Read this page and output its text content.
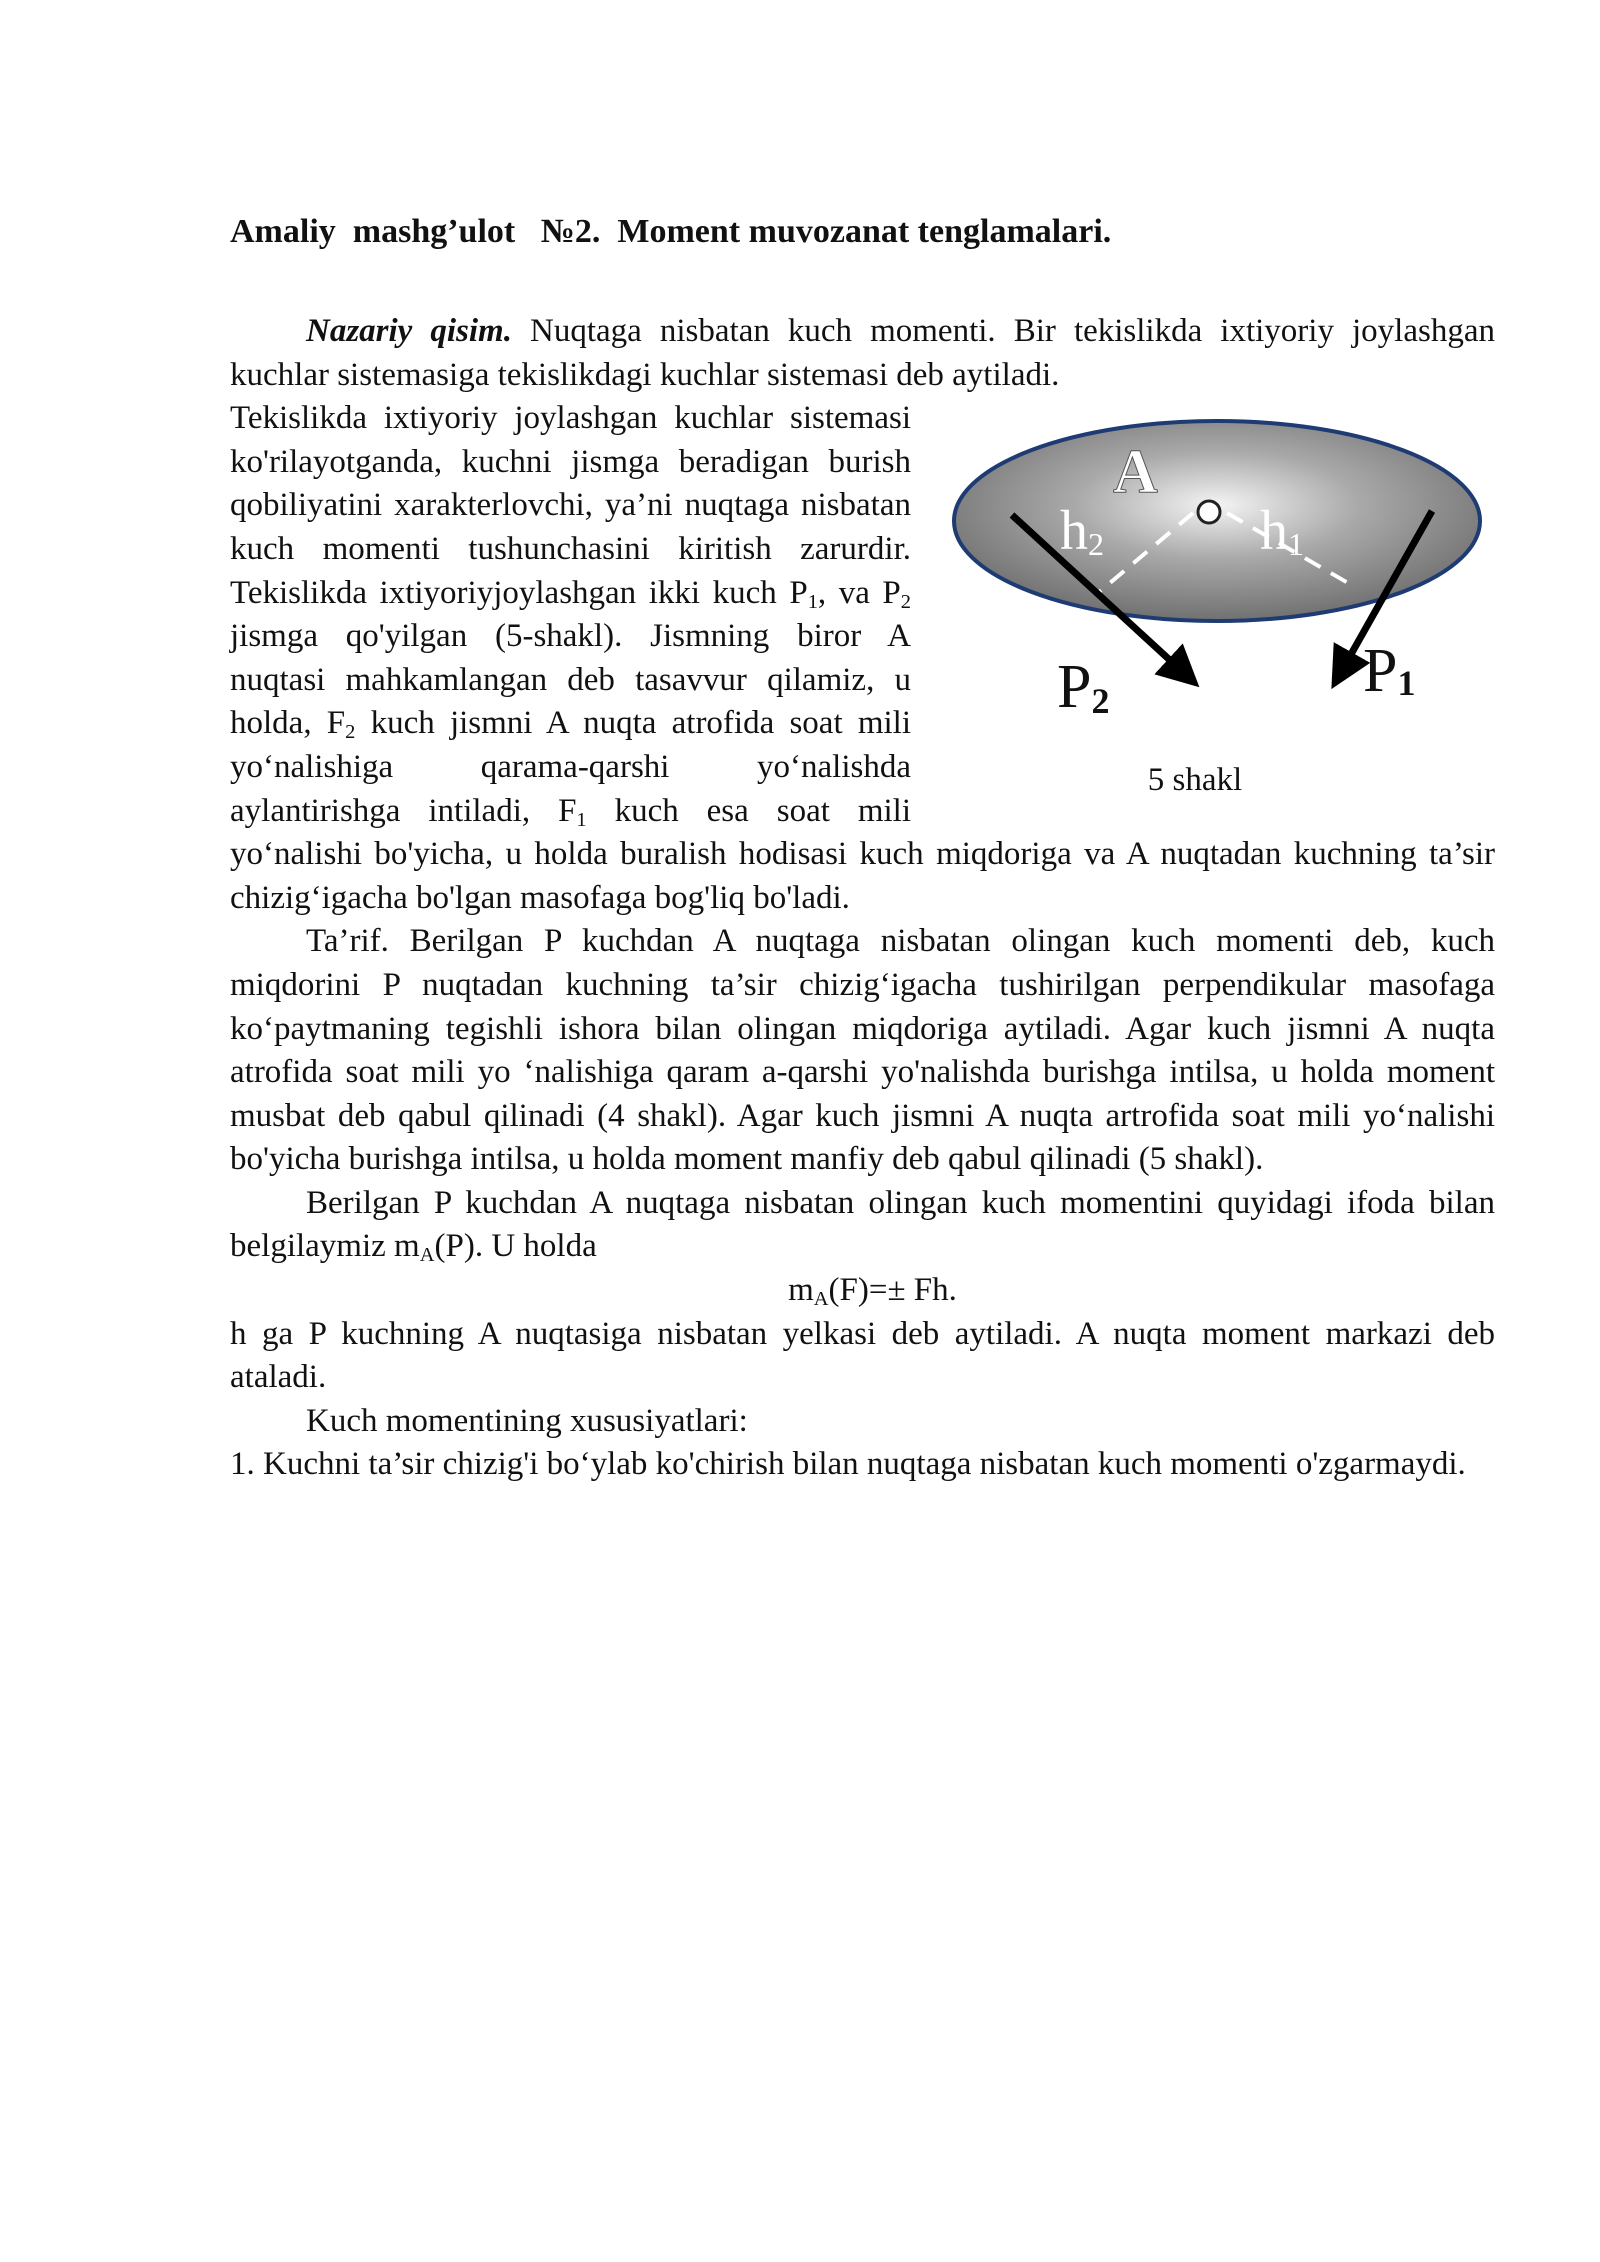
Amaliy  mashg’ulot   №2.  Moment muvozanat tenglamalari.

Nazariy qisim. Nuqtaga nisbatan kuch momenti. Bir tekislikda ixtiyoriy joylashgan kuchlar sistemasiga tekislikdagi kuchlar sistemasi deb aytiladi.

A
h2	h1
P2	P1
5 shakl

Tekislikda ixtiyoriy joylashgan kuchlar sistemasi ko'rilayotganda, kuchni jismga beradigan burish qobiliyatini xarakterlovchi, ya’ni nuqtaga nisbatan kuch momenti tushunchasini kiritish zarurdir. Tekislikda ixtiyoriyjoylashgan ikki kuch $P_1$, va $P_2$ jismga qo'yilgan (5-shakl). Jismning biror A nuqtasi mahkamlangan deb tasavvur qilamiz, u holda, $F_2$ kuch jismni A nuqta atrofida soat mili yo‘nalishiga qarama-qarshi yo‘nalishda aylantirishga intiladi, $F_1$ kuch esa soat mili yo‘nalishi bo'yicha, u holda buralish hodisasi kuch miqdoriga va A nuqtadan kuchning ta’sir chizig‘igacha bo'lgan masofaga bog'liq bo'ladi.

Ta’rif. Berilgan P kuchdan A nuqtaga nisbatan olingan kuch momenti deb, kuch miqdorini P nuqtadan kuchning ta’sir chizig‘igacha tushirilgan perpendikular masofaga ko‘paytmaning tegishli ishora bilan olingan miqdoriga aytiladi. Agar kuch jismni A nuqta atrofida soat mili yo ‘nalishiga qaram a-qarshi yo'nalishda burishga intilsa, u holda moment musbat deb qabul qilinadi (4 shakl). Agar kuch jismni A nuqta artrofida soat mili yo‘nalishi bo'yicha burishga intilsa, u holda moment manfiy deb qabul qilinadi (5 shakl).

Berilgan P kuchdan A nuqtaga nisbatan olingan kuch momentini quyidagi ifoda bilan belgilaymiz $m_A(P)$. U holda

$m_A(F)=\pm Fh$.

h ga P kuchning A nuqtasiga nisbatan yelkasi deb aytiladi. A nuqta moment markazi deb ataladi.

Kuch momentining xususiyatlari:

1. Kuchni ta’sir chizig'i bo‘ylab ko'chirish bilan nuqtaga nisbatan kuch momenti o'zgarmaydi.
